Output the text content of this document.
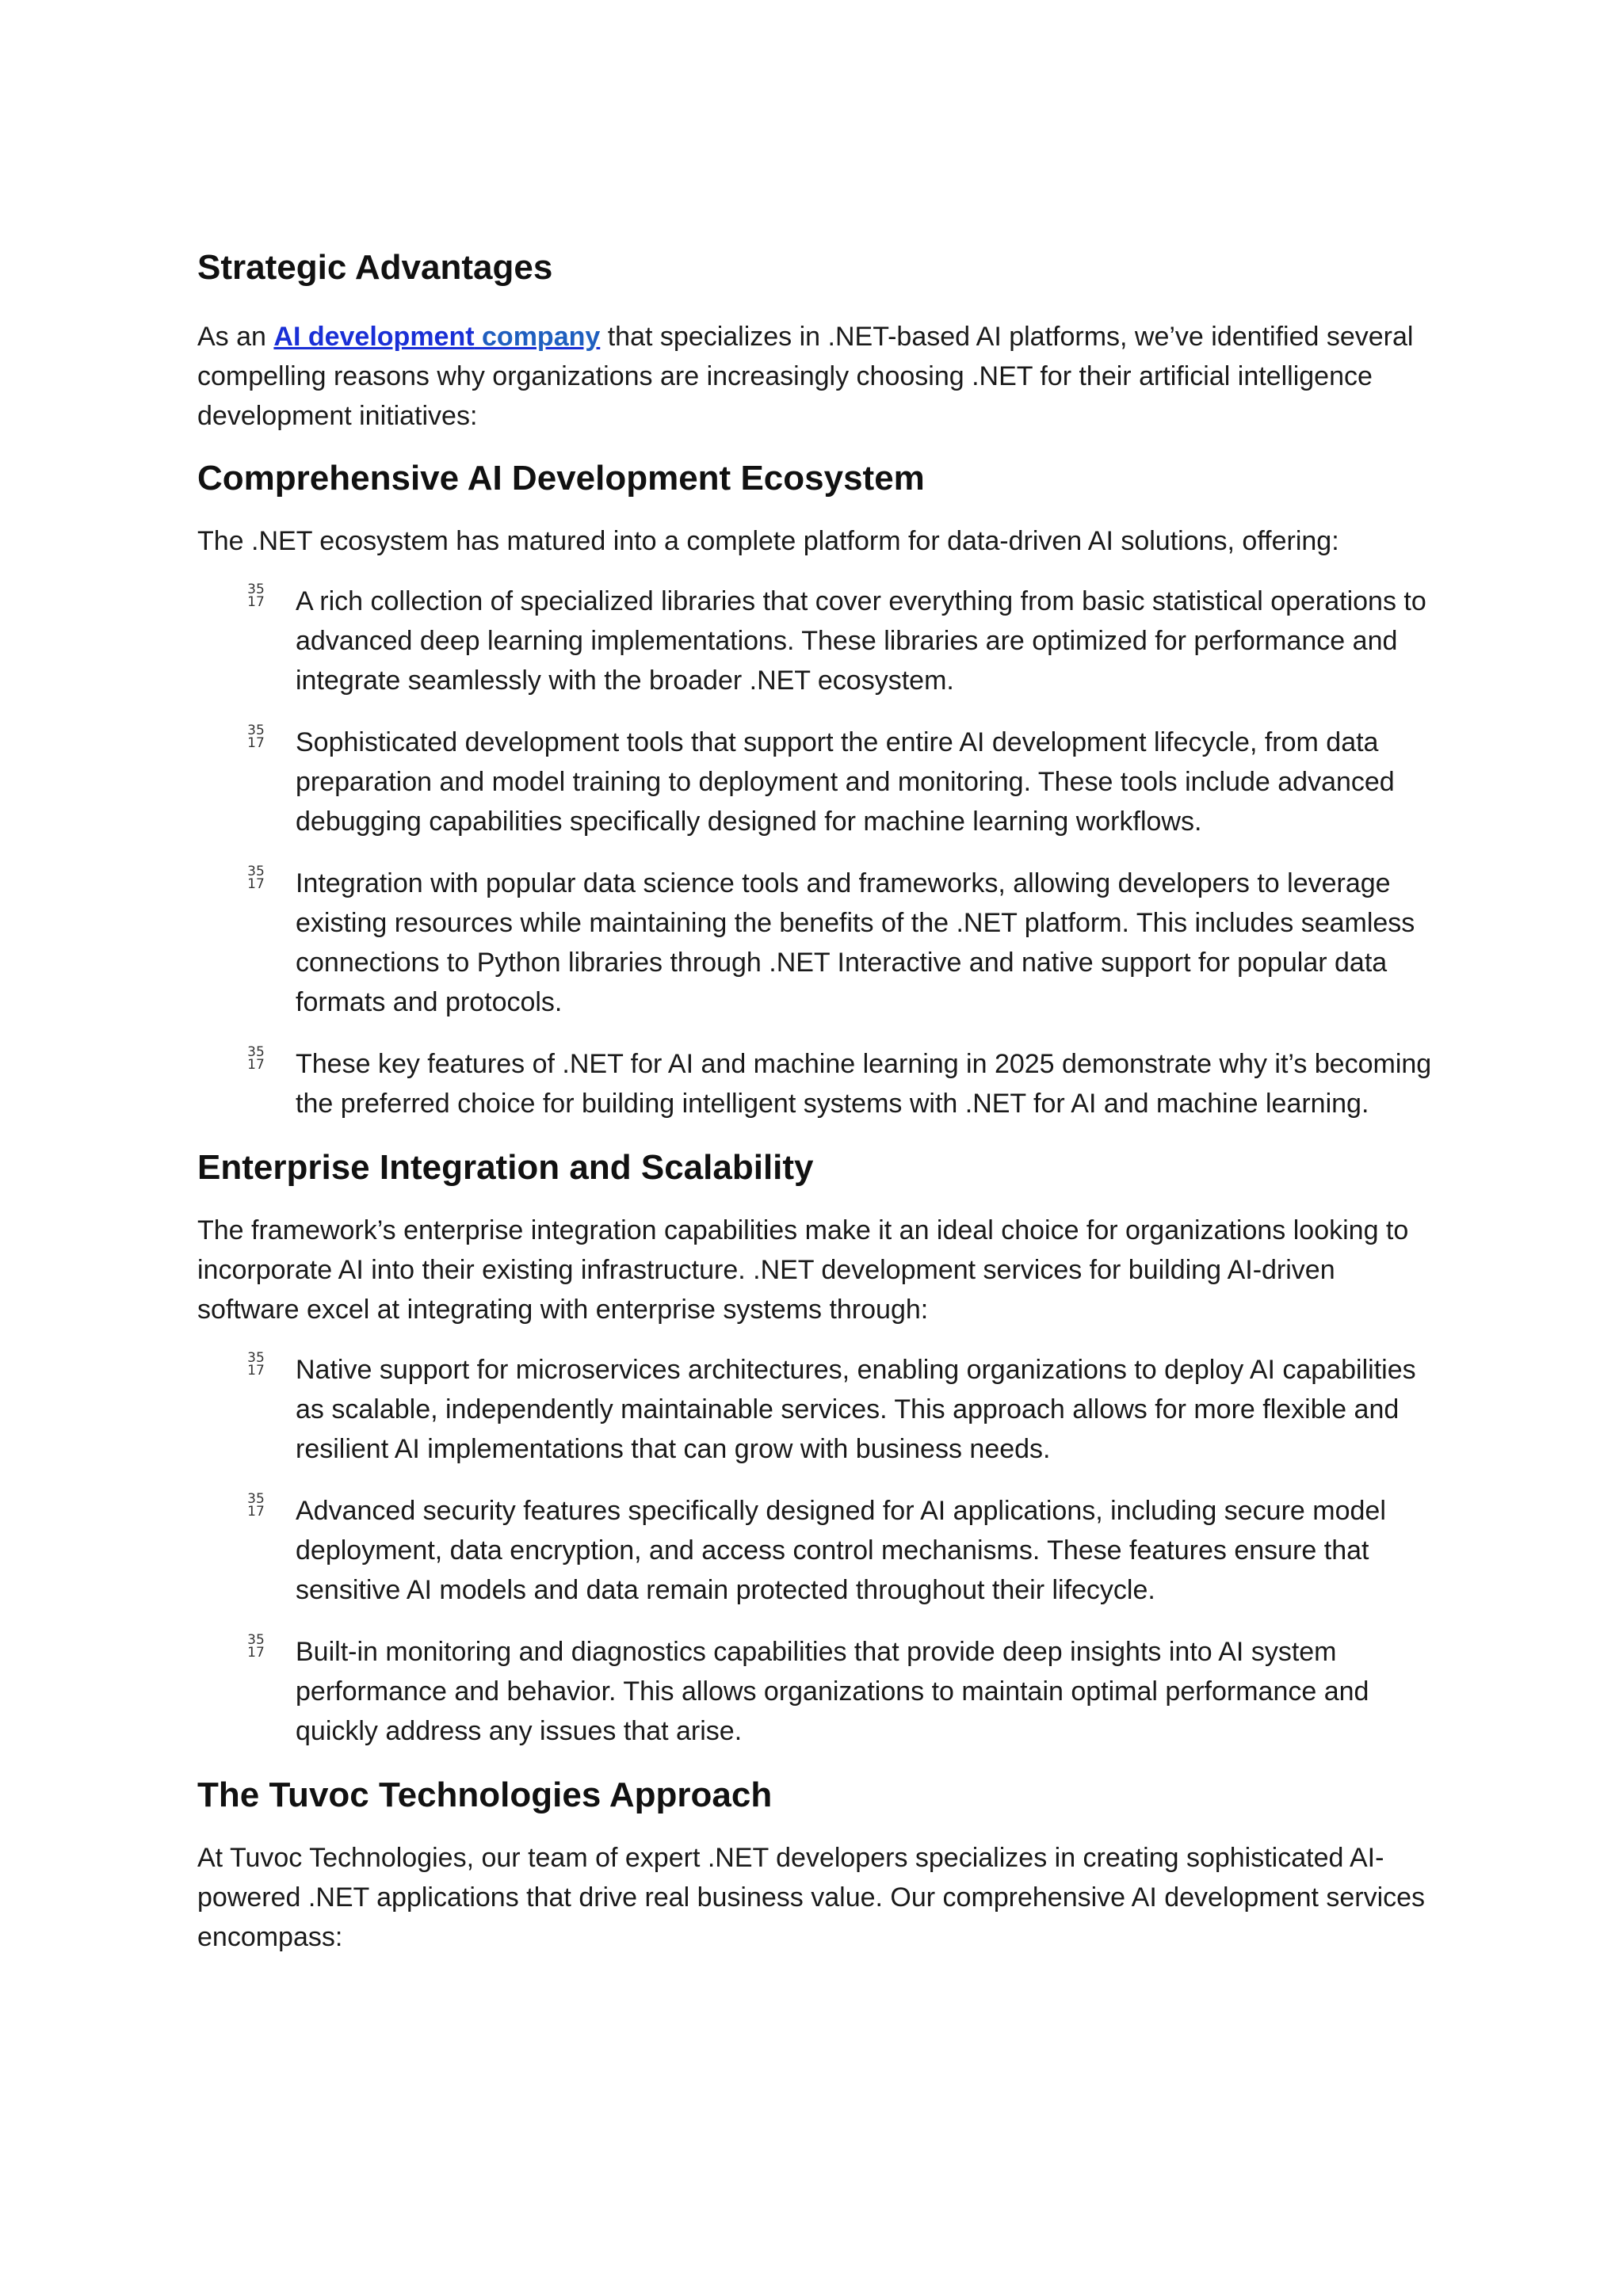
Strategic Advantages

As an AI development company that specializes in .NET-based AI platforms, we’ve identified several compelling reasons why organizations are increasingly choosing .NET for their artificial intelligence development initiatives:

Comprehensive AI Development Ecosystem

The .NET ecosystem has matured into a complete platform for data-driven AI solutions, offering:

35
17 A rich collection of specialized libraries that cover everything from basic statistical operations to advanced deep learning implementations. These libraries are optimized for performance and integrate seamlessly with the broader .NET ecosystem.
35
17 Sophisticated development tools that support the entire AI development lifecycle, from data preparation and model training to deployment and monitoring. These tools include advanced debugging capabilities specifically designed for machine learning workflows.
35
17 Integration with popular data science tools and frameworks, allowing developers to leverage existing resources while maintaining the benefits of the .NET platform. This includes seamless connections to Python libraries through .NET Interactive and native support for popular data formats and protocols.
35
17 These key features of .NET for AI and machine learning in 2025 demonstrate why it’s becoming the preferred choice for building intelligent systems with .NET for AI and machine learning.
Enterprise Integration and Scalability

The framework’s enterprise integration capabilities make it an ideal choice for organizations looking to incorporate AI into their existing infrastructure. .NET development services for building AI-driven software excel at integrating with enterprise systems through:

35
17 Native support for microservices architectures, enabling organizations to deploy AI capabilities as scalable, independently maintainable services. This approach allows for more flexible and resilient AI implementations that can grow with business needs.
35
17 Advanced security features specifically designed for AI applications, including secure model deployment, data encryption, and access control mechanisms. These features ensure that sensitive AI models and data remain protected throughout their lifecycle.
35
17 Built-in monitoring and diagnostics capabilities that provide deep insights into AI system performance and behavior. This allows organizations to maintain optimal performance and quickly address any issues that arise.
The Tuvoc Technologies Approach

At Tuvoc Technologies, our team of expert .NET developers specializes in creating sophisticated AI-powered .NET applications that drive real business value. Our comprehensive AI development services encompass:
